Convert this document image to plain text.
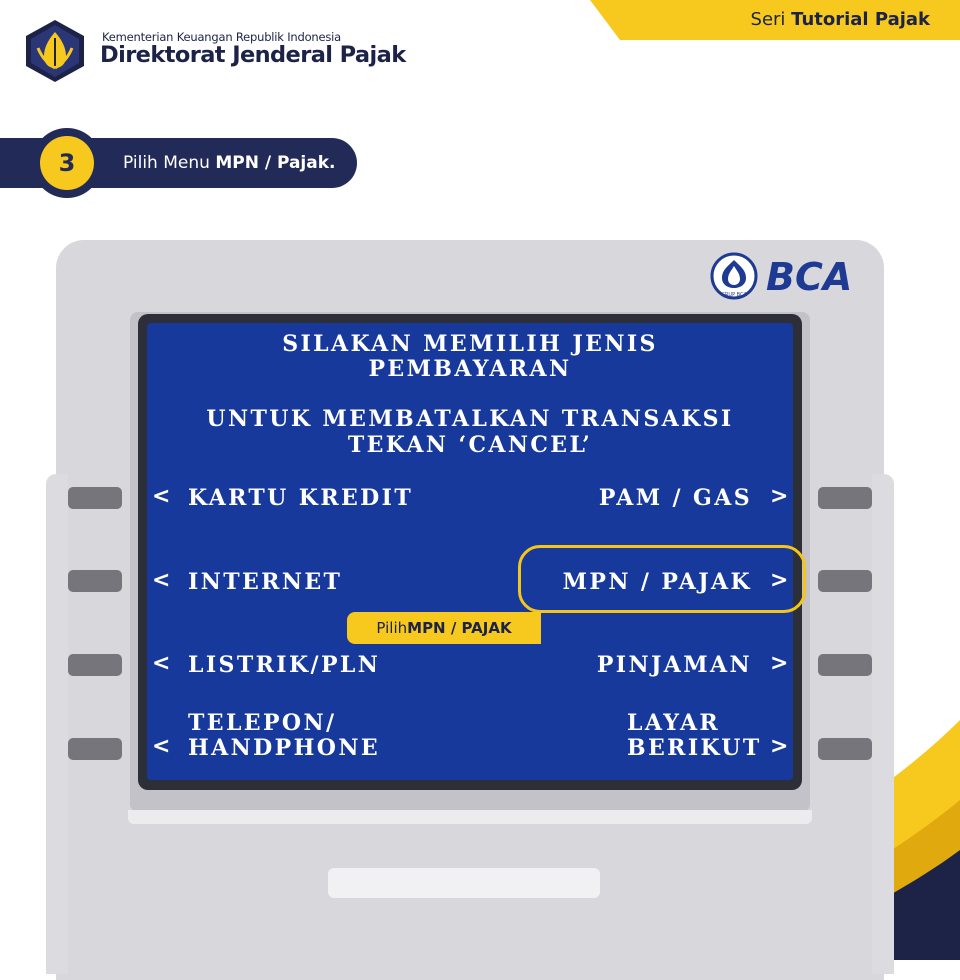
Kementerian Keuangan Republik Indonesia
Direktorat Jenderal Pajak
Seri Tutorial Pajak
3	Pilih Menu MPN / Pajak.
GRUP BCA BCA
SILAKAN MEMILIH JENIS
PEMBAYARAN
UNTUK MEMBATALKAN TRANSAKSI
TEKAN ‘CANCEL’
< KARTU KREDIT
< INTERNET
< LISTRIK/PLN
TELEPON/
< HANDPHONE
PAM / GAS >
MPN / PAJAK >
PINJAMAN >
LAYAR
BERIKUT >
Pilih MPN / PAJAK
